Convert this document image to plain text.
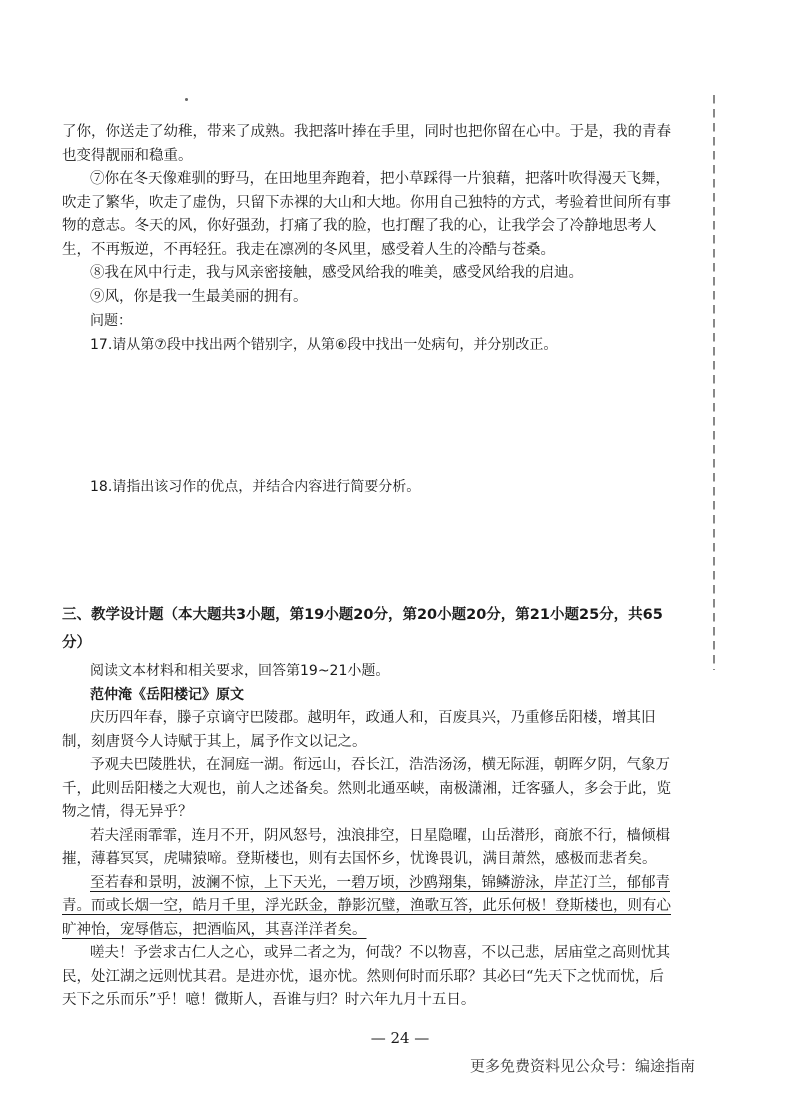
了你，你送走了幼稚，带来了成熟。我把落叶捧在手里，同时也把你留在心中。于是，我的青春也变得靓丽和稳重。

⑦你在冬天像难驯的野马，在田地里奔跑着，把小草踩得一片狼藉，把落叶吹得漫天飞舞，吹走了繁华，吹走了虚伪，只留下赤裸的大山和大地。你用自己独特的方式，考验着世间所有事物的意志。冬天的风，你好强劲，打痛了我的脸，也打醒了我的心，让我学会了冷静地思考人生，不再叛逆，不再轻狂。我走在凛冽的冬风里，感受着人生的冷酷与苍桑。

⑧我在风中行走，我与风亲密接触，感受风给我的唯美，感受风给我的启迪。

⑨风，你是我一生最美丽的拥有。

问题：

17.请从第⑦段中找出两个错别字，从第⑥段中找出一处病句，并分别改正。

18.请指出该习作的优点，并结合内容进行简要分析。

三、教学设计题（本大题共3小题，第19小题20分，第20小题20分，第21小题25分，共65分）

阅读文本材料和相关要求，回答第19~21小题。

范仲淹《岳阳楼记》原文

庆历四年春，滕子京谪守巴陵郡。越明年，政通人和，百废具兴，乃重修岳阳楼，增其旧制，刻唐贤今人诗赋于其上，属予作文以记之。

予观夫巴陵胜状，在洞庭一湖。衔远山，吞长江，浩浩汤汤，横无际涯，朝晖夕阴，气象万千，此则岳阳楼之大观也，前人之述备矣。然则北通巫峡，南极潇湘，迁客骚人，多会于此，览物之情，得无异乎？

若夫淫雨霏霏，连月不开，阴风怒号，浊浪排空，日星隐曜，山岳潜形，商旅不行，樯倾楫摧，薄暮冥冥，虎啸猿啼。登斯楼也，则有去国怀乡，忧谗畏讥，满目萧然，感极而悲者矣。

至若春和景明，波澜不惊，上下天光，一碧万顷，沙鸥翔集，锦鳞游泳，岸芷汀兰，郁郁青青。而或长烟一空，皓月千里，浮光跃金，静影沉璧，渔歌互答，此乐何极！登斯楼也，则有心旷神怡，宠辱偕忘，把酒临风，其喜洋洋者矣。

嗟夫！予尝求古仁人之心，或异二者之为，何哉？不以物喜，不以己悲，居庙堂之高则忧其民，处江湖之远则忧其君。是进亦忧，退亦忧。然则何时而乐耶？其必曰“先天下之忧而忧，后天下之乐而乐”乎！噫！微斯人，吾谁与归？时六年九月十五日。

— 24 —
更多免费资料见公众号：编途指南
